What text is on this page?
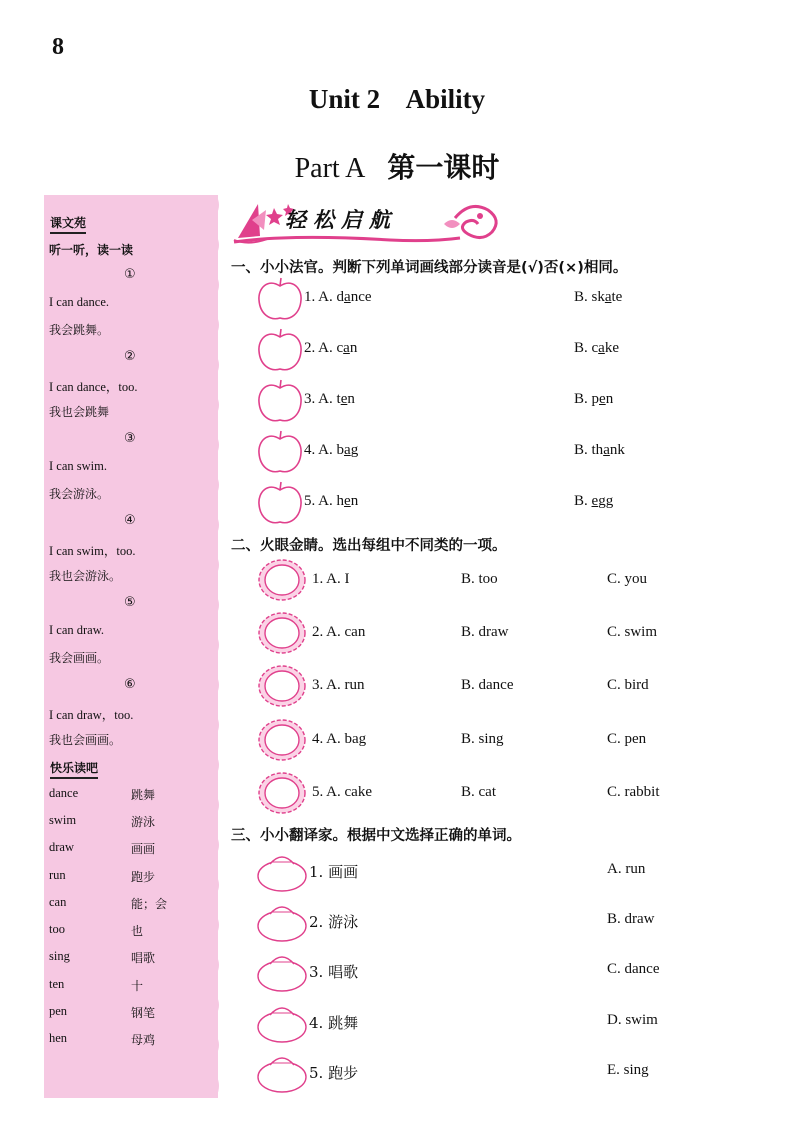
8
Unit 2    Ability
Part A 第一课时
课文苑
听一听，读一读
①
I can dance.
我会跳舞。
②
I can dance，too.
我也会跳舞
③
I can swim.
我会游泳。
④
I can swim，too.
我也会游泳。
⑤
I can draw.
我会画画。
⑥
I can draw，too.
我也会画画。
快乐读吧
dance	跳舞
swim	游泳
draw	画画
run	跑步
can	能；会
too	也
sing	唱歌
ten	十
pen	钢笔
hen	母鸡
轻松启航
一、小小法官。判断下列单词画线部分读音是(√)否(×)相同。
1. A. dance	B. skate
2. A. can	B. cake
3. A. ten	B. pen
4. A. bag	B. thank
5. A. hen	B. egg
二、火眼金睛。选出每组中不同类的一项。
1. A. I	B. too	C. you
2. A. can	B. draw	C. swim
3. A. run	B. dance	C. bird
4. A. bag	B. sing	C. pen
5. A. cake	B. cat	C. rabbit
三、小小翻译家。根据中文选择正确的单词。
1. 画画	A. run
2. 游泳	B. draw
3. 唱歌	C. dance
4. 跳舞	D. swim
5. 跑步	E. sing
